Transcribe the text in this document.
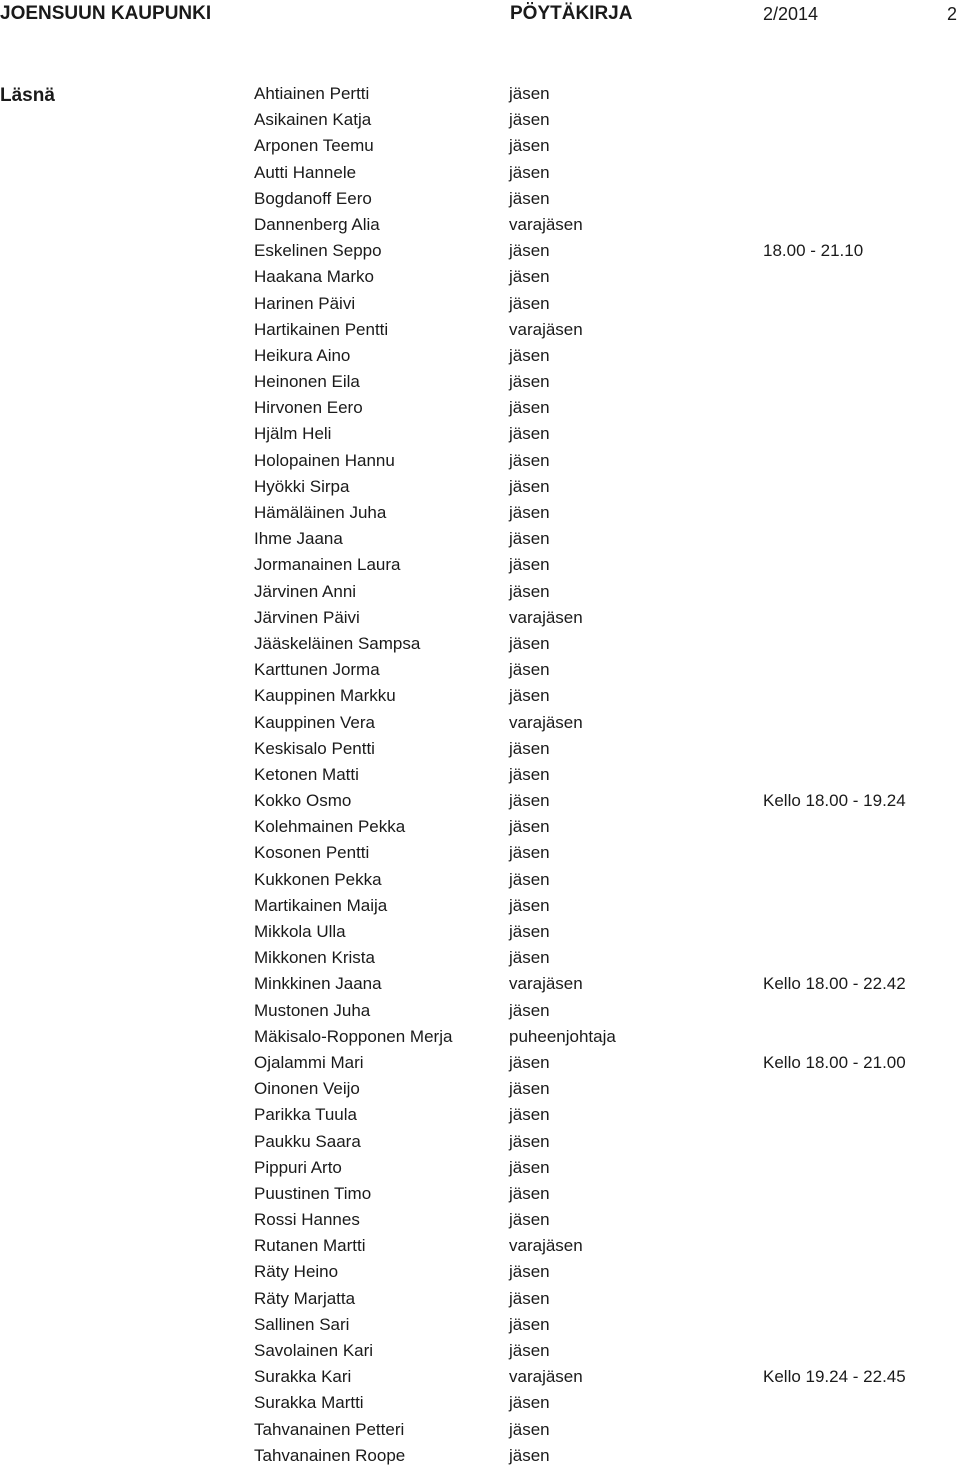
JOENSUUN KAUPUNKI	PÖYTÄKIRJA	2/2014	2
Läsnä	Ahtiainen Pertti	jäsen
Asikainen Katja	jäsen
Arponen Teemu	jäsen
Autti Hannele	jäsen
Bogdanoff Eero	jäsen
Dannenberg Alia	varajäsen
Eskelinen Seppo	jäsen	18.00 - 21.10
Haakana Marko	jäsen
Harinen Päivi	jäsen
Hartikainen Pentti	varajäsen
Heikura Aino	jäsen
Heinonen Eila	jäsen
Hirvonen Eero	jäsen
Hjälm Heli	jäsen
Holopainen Hannu	jäsen
Hyökki Sirpa	jäsen
Hämäläinen Juha	jäsen
Ihme Jaana	jäsen
Jormanainen Laura	jäsen
Järvinen Anni	jäsen
Järvinen Päivi	varajäsen
Jääskeläinen Sampsa	jäsen
Karttunen Jorma	jäsen
Kauppinen Markku	jäsen
Kauppinen Vera	varajäsen
Keskisalo Pentti	jäsen
Ketonen Matti	jäsen
Kokko Osmo	jäsen	Kello 18.00 - 19.24
Kolehmainen Pekka	jäsen
Kosonen Pentti	jäsen
Kukkonen Pekka	jäsen
Martikainen Maija	jäsen
Mikkola Ulla	jäsen
Mikkonen Krista	jäsen
Minkkinen Jaana	varajäsen	Kello 18.00 - 22.42
Mustonen Juha	jäsen
Mäkisalo-Ropponen Merja	puheenjohtaja
Ojalammi Mari	jäsen	Kello 18.00 - 21.00
Oinonen Veijo	jäsen
Parikka Tuula	jäsen
Paukku Saara	jäsen
Pippuri Arto	jäsen
Puustinen Timo	jäsen
Rossi Hannes	jäsen
Rutanen Martti	varajäsen
Räty Heino	jäsen
Räty Marjatta	jäsen
Sallinen Sari	jäsen
Savolainen Kari	jäsen
Surakka Kari	varajäsen	Kello 19.24 - 22.45
Surakka Martti	jäsen
Tahvanainen Petteri	jäsen
Tahvanainen Roope	jäsen
